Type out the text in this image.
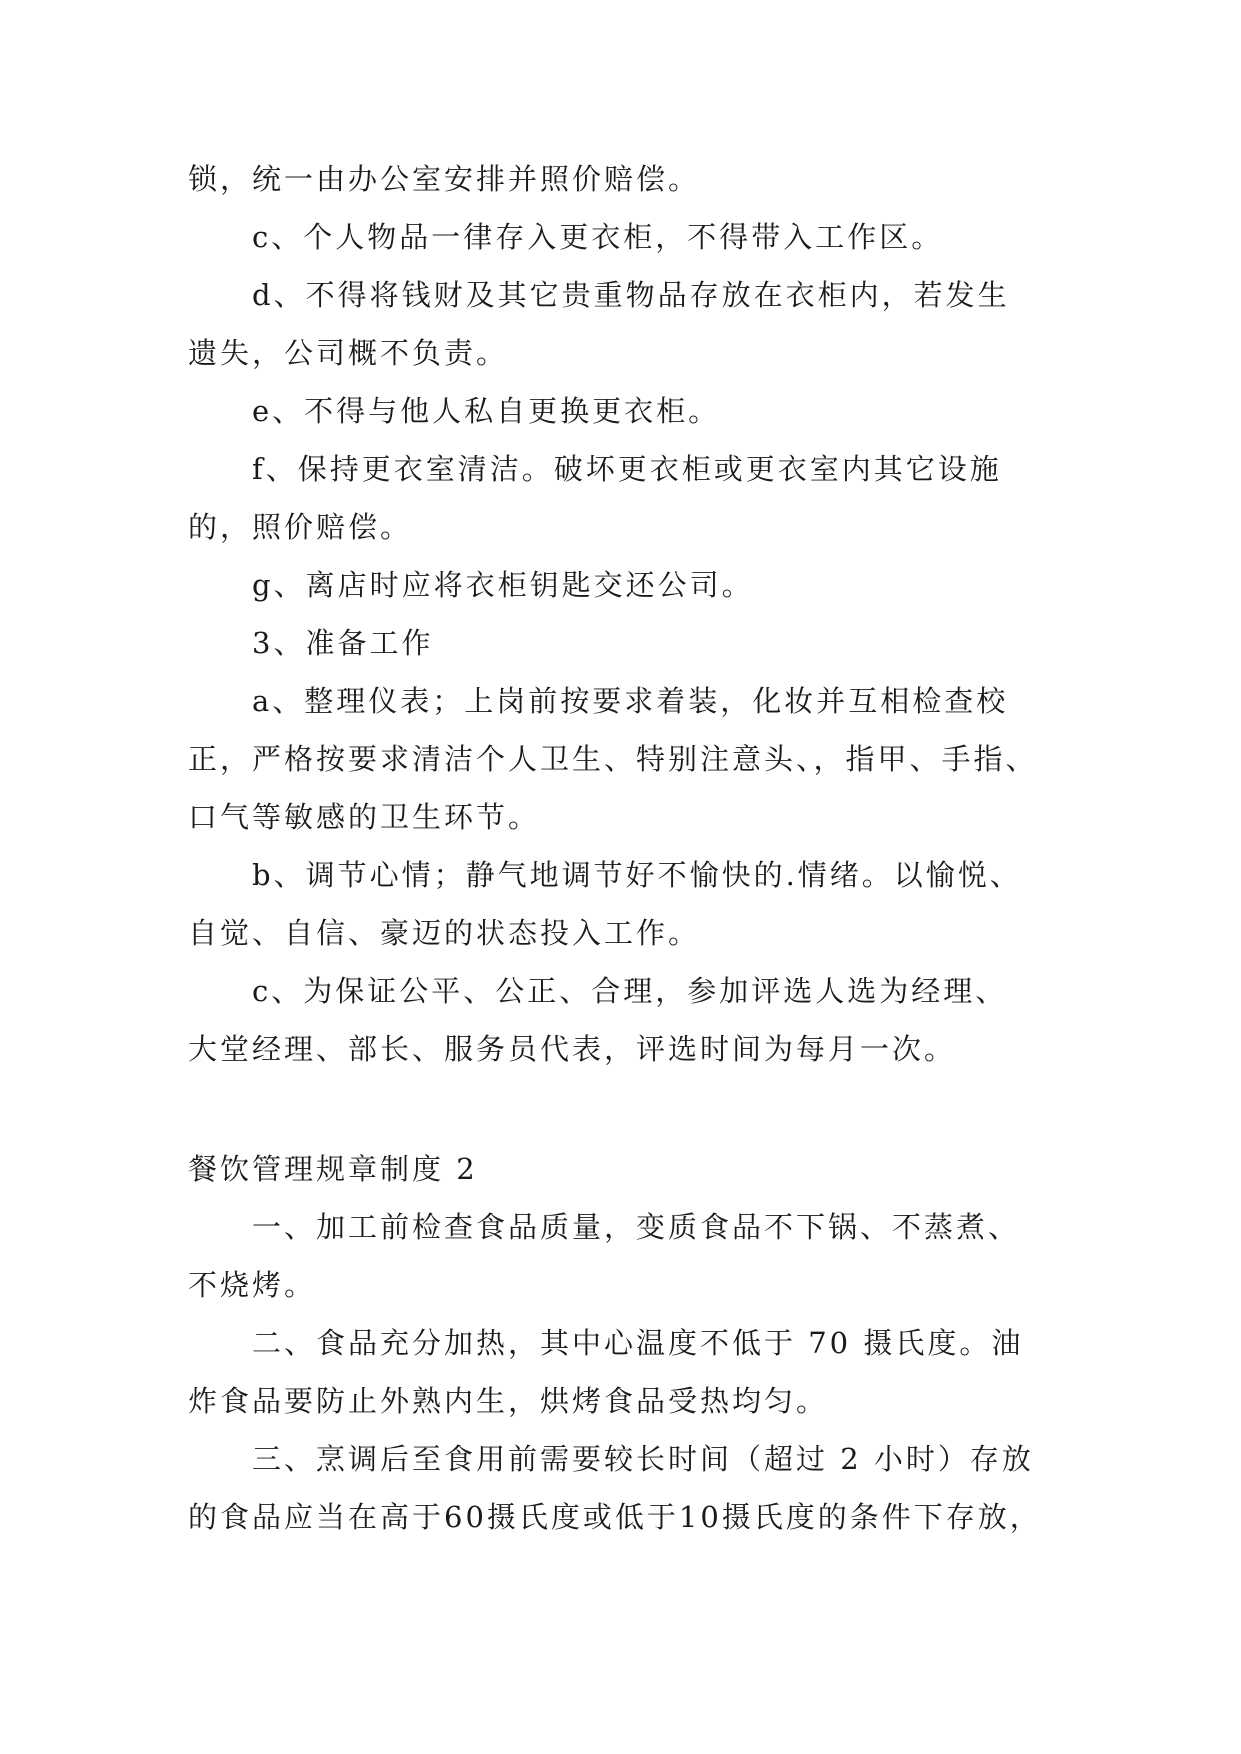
锁，统一由办公室安排并照价赔偿。
c、个人物品一律存入更衣柜，不得带入工作区。
d、不得将钱财及其它贵重物品存放在衣柜内，若发生
遗失，公司概不负责。
e、不得与他人私自更换更衣柜。
f、保持更衣室清洁。破坏更衣柜或更衣室内其它设施
的，照价赔偿。
g、离店时应将衣柜钥匙交还公司。
3、准备工作
a、整理仪表；上岗前按要求着装，化妆并互相检查校
正，严格按要求清洁个人卫生、特别注意头、，指甲、手指、
口气等敏感的卫生环节。
b、调节心情；静气地调节好不愉快的.情绪。以愉悦、
自觉、自信、豪迈的状态投入工作。
c、为保证公平、公正、合理，参加评选人选为经理、
大堂经理、部长、服务员代表，评选时间为每月一次。
餐饮管理规章制度 2
一、加工前检查食品质量，变质食品不下锅、不蒸煮、
不烧烤。
二、食品充分加热，其中心温度不低于 70 摄氏度。油
炸食品要防止外熟内生，烘烤食品受热均匀。
三、烹调后至食用前需要较长时间（超过 2 小时）存放
的食品应当在高于60摄氏度或低于10摄氏度的条件下存放，
